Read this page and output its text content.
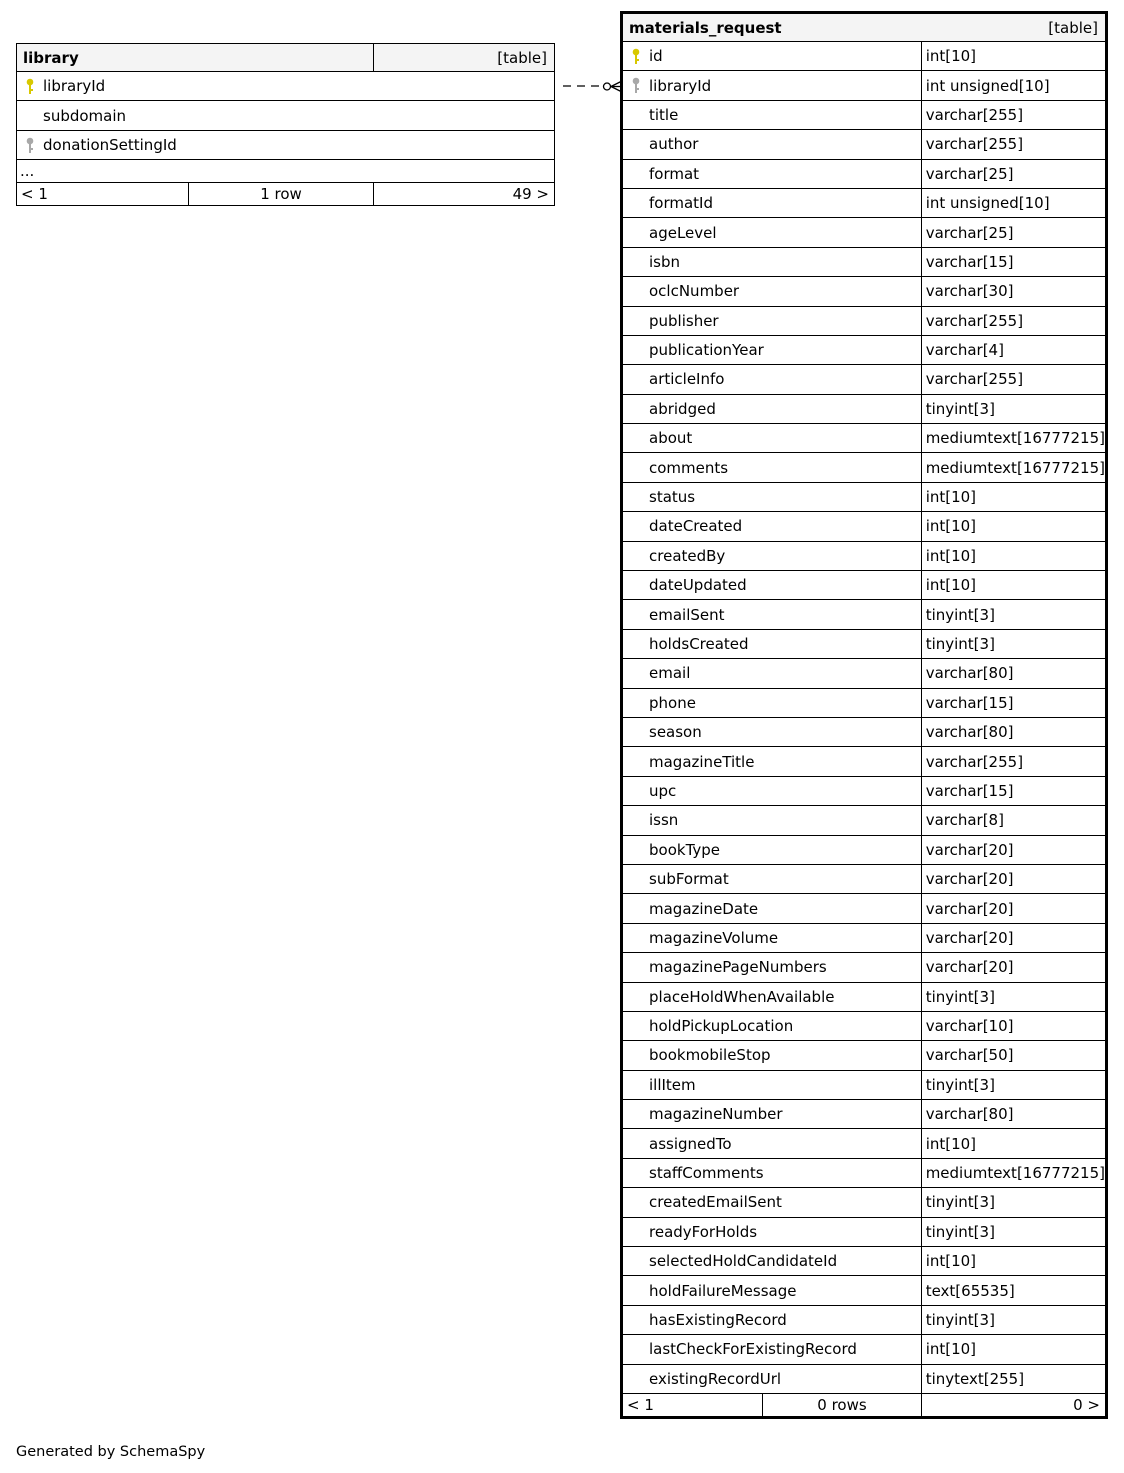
library		[table]

libraryId		
subdomain		

donationSettingId		
...		
< 1	1 row	49 >
materials_request		[table]

id		int[10]

libraryId		int unsigned[10]
title		varchar[255]
author		varchar[255]
format		varchar[25]
formatId		int unsigned[10]
ageLevel		varchar[25]
isbn		varchar[15]
oclcNumber		varchar[30]
publisher		varchar[255]
publicationYear		varchar[4]
articleInfo		varchar[255]
abridged		tinyint[3]
about		mediumtext[16777215]
comments		mediumtext[16777215]
status		int[10]
dateCreated		int[10]
createdBy		int[10]
dateUpdated		int[10]
emailSent		tinyint[3]
holdsCreated		tinyint[3]
email		varchar[80]
phone		varchar[15]
season		varchar[80]
magazineTitle		varchar[255]
upc		varchar[15]
issn		varchar[8]
bookType		varchar[20]
subFormat		varchar[20]
magazineDate		varchar[20]
magazineVolume		varchar[20]
magazinePageNumbers		varchar[20]
placeHoldWhenAvailable		tinyint[3]
holdPickupLocation		varchar[10]
bookmobileStop		varchar[50]
illItem		tinyint[3]
magazineNumber		varchar[80]
assignedTo		int[10]
staffComments		mediumtext[16777215]
createdEmailSent		tinyint[3]
readyForHolds		tinyint[3]
selectedHoldCandidateId		int[10]
holdFailureMessage		text[65535]
hasExistingRecord		tinyint[3]
lastCheckForExistingRecord		int[10]
existingRecordUrl		tinytext[255]
< 1	0 rows	0 >
Generated by SchemaSpy
